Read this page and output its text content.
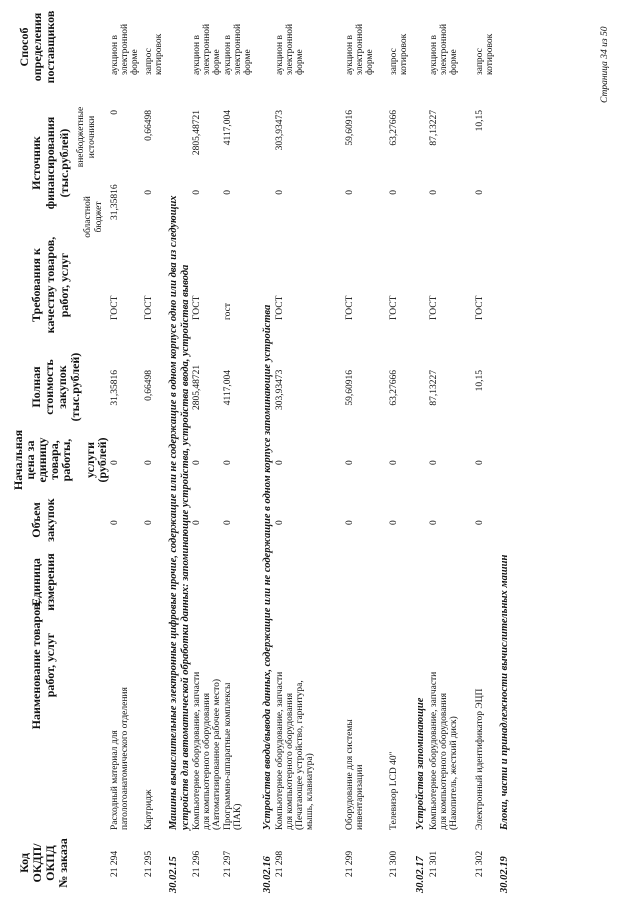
Код ОКДП/ ОКПД № заказа
Наименование товаров, работ, услуг
Единица измерения
Объем закупок
Начальная
цена за
единицу
товара,
работы, услуги
(рублей)
Полная стоимость закупок (тыс.рублей)
Требования к качеству товаров, работ, услуг
Источник финансирования (тыс.рублей)
областной бюджет
внебюджетные источники
Способ определения поставщиков
21 294
Расходный материал для патологоанатомического отделения
0
0
31,35816
ГОСТ
31,35816
0
аукцион в электронной форме
21 295
Картридж
0
0
0,66498
ГОСТ
0
0,66498
запрос котировок
30.02.15
Машины вычислительные электронные цифровые прочие, содержащие или не содержащие в одном корпусе одно или два из следующих устройств для автоматической обработки данных: запоминающие устройства, устройства ввода, устройства вывода
21 296
Компьютерное оборудование, запчасти для компьютерного оборудования (Автоматизированное рабочее место)
0
0
2805,48721
ГОСТ
0
2805,48721
аукцион в электронной форме
21 297
Программно-аппаратные комплексы (ПАК)
0
0
4117,004
гост
0
4117,004
аукцион в электронной форме
30.02.16
Устройства ввода/вывода данных, содержащие или не содержащие в одном корпусе запоминающие устройства
21 298
Компьютерное оборудование, запчасти для компьютерного оборудования (Печатающее устройство, гарнитура, мышь, клавиатура)
0
0
303,93473
ГОСТ
0
303,93473
аукцион в электронной форме
21 299
Оборудование для системы инвентаризации
0
0
59,60916
ГОСТ
0
59,60916
аукцион в электронной форме
21 300
Телевизор LCD 40"
0
0
63,27666
ГОСТ
0
63,27666
запрос котировок
30.02.17
Устройства запоминающие
21 301
Компьютерное оборудование, запчасти для компьютерного оборудования (Накопитель, жесткий диск)
0
0
87,13227
ГОСТ
0
87,13227
аукцион в электронной форме
21 302
Электронный идентификатор ЭЦП
0
0
10,15
ГОСТ
0
10,15
запрос котировок
30.02.19
Блоки, части и принадлежности вычислительных машин
Страница 34 из 50
